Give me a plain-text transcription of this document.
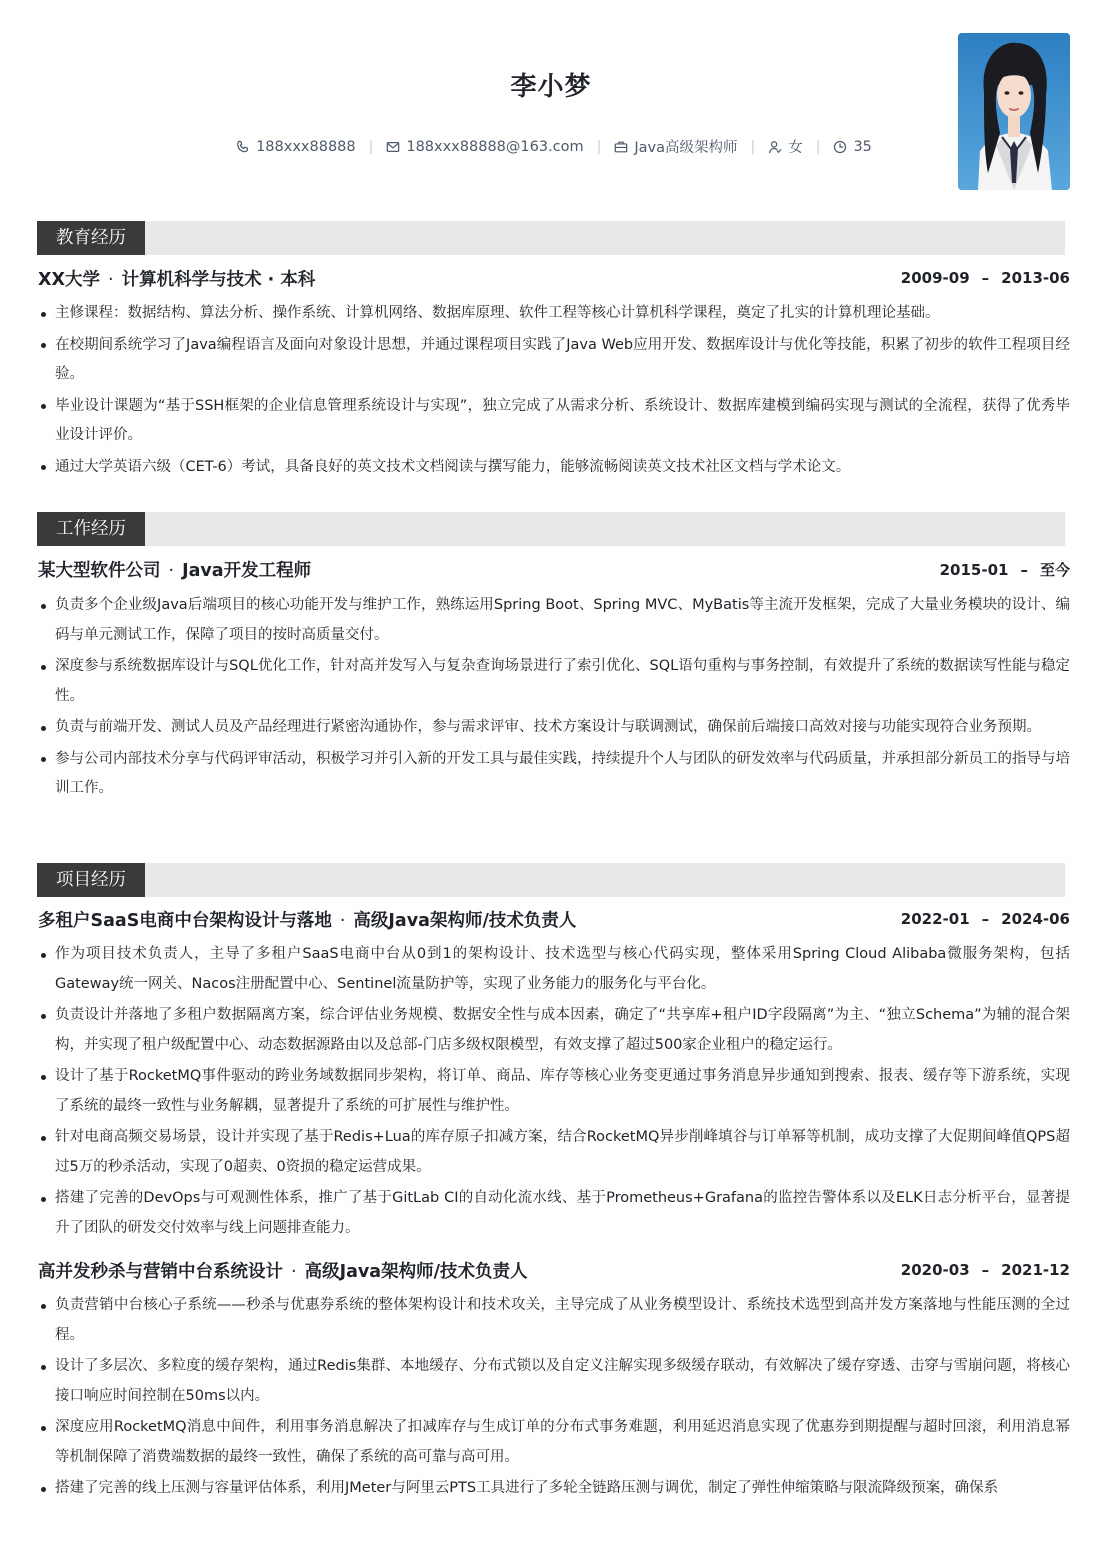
李小梦
188xxx88888 | 188xxx88888@163.com | Java高级架构师 | 女 | 35
教育经历
XX大学 · 计算机科学与技术 · 本科	2009-09 – 2013-06
主修课程：数据结构、算法分析、操作系统、计算机网络、数据库原理、软件工程等核心计算机科学课程，奠定了扎实的计算机理论基础。
在校期间系统学习了Java编程语言及面向对象设计思想，并通过课程项目实践了Java Web应用开发、数据库设计与优化等技能，积累了初步的软件工程项目经验。
毕业设计课题为“基于SSH框架的企业信息管理系统设计与实现”，独立完成了从需求分析、系统设计、数据库建模到编码实现与测试的全流程，获得了优秀毕业设计评价。
通过大学英语六级（CET-6）考试，具备良好的英文技术文档阅读与撰写能力，能够流畅阅读英文技术社区文档与学术论文。
工作经历
某大型软件公司 · Java开发工程师	2015-01 – 至今
负责多个企业级Java后端项目的核心功能开发与维护工作，熟练运用Spring Boot、Spring MVC、MyBatis等主流开发框架，完成了大量业务模块的设计、编码与单元测试工作，保障了项目的按时高质量交付。
深度参与系统数据库设计与SQL优化工作，针对高并发写入与复杂查询场景进行了索引优化、SQL语句重构与事务控制，有效提升了系统的数据读写性能与稳定性。
负责与前端开发、测试人员及产品经理进行紧密沟通协作，参与需求评审、技术方案设计与联调测试，确保前后端接口高效对接与功能实现符合业务预期。
参与公司内部技术分享与代码评审活动，积极学习并引入新的开发工具与最佳实践，持续提升个人与团队的研发效率与代码质量，并承担部分新员工的指导与培训工作。
项目经历
多租户SaaS电商中台架构设计与落地 · 高级Java架构师/技术负责人	2022-01 – 2024-06
作为项目技术负责人，主导了多租户SaaS电商中台从0到1的架构设计、技术选型与核心代码实现，整体采用Spring Cloud Alibaba微服务架构，包括Gateway统一网关、Nacos注册配置中心、Sentinel流量防护等，实现了业务能力的服务化与平台化。
负责设计并落地了多租户数据隔离方案，综合评估业务规模、数据安全性与成本因素，确定了“共享库+租户ID字段隔离”为主、“独立Schema”为辅的混合架构，并实现了租户级配置中心、动态数据源路由以及总部-门店多级权限模型，有效支撑了超过500家企业租户的稳定运行。
设计了基于RocketMQ事件驱动的跨业务域数据同步架构，将订单、商品、库存等核心业务变更通过事务消息异步通知到搜索、报表、缓存等下游系统，实现了系统的最终一致性与业务解耦，显著提升了系统的可扩展性与维护性。
针对电商高频交易场景，设计并实现了基于Redis+Lua的库存原子扣减方案，结合RocketMQ异步削峰填谷与订单幂等机制，成功支撑了大促期间峰值QPS超过5万的秒杀活动，实现了0超卖、0资损的稳定运营成果。
搭建了完善的DevOps与可观测性体系，推广了基于GitLab CI的自动化流水线、基于Prometheus+Grafana的监控告警体系以及ELK日志分析平台，显著提升了团队的研发交付效率与线上问题排查能力。
高并发秒杀与营销中台系统设计 · 高级Java架构师/技术负责人	2020-03 – 2021-12
负责营销中台核心子系统——秒杀与优惠券系统的整体架构设计和技术攻关，主导完成了从业务模型设计、系统技术选型到高并发方案落地与性能压测的全过程。
设计了多层次、多粒度的缓存架构，通过Redis集群、本地缓存、分布式锁以及自定义注解实现多级缓存联动，有效解决了缓存穿透、击穿与雪崩问题，将核心接口响应时间控制在50ms以内。
深度应用RocketMQ消息中间件，利用事务消息解决了扣减库存与生成订单的分布式事务难题，利用延迟消息实现了优惠券到期提醒与超时回滚，利用消息幂等机制保障了消费端数据的最终一致性，确保了系统的高可靠与高可用。
搭建了完善的线上压测与容量评估体系，利用JMeter与阿里云PTS工具进行了多轮全链路压测与调优，制定了弹性伸缩策略与限流降级预案，确保系
